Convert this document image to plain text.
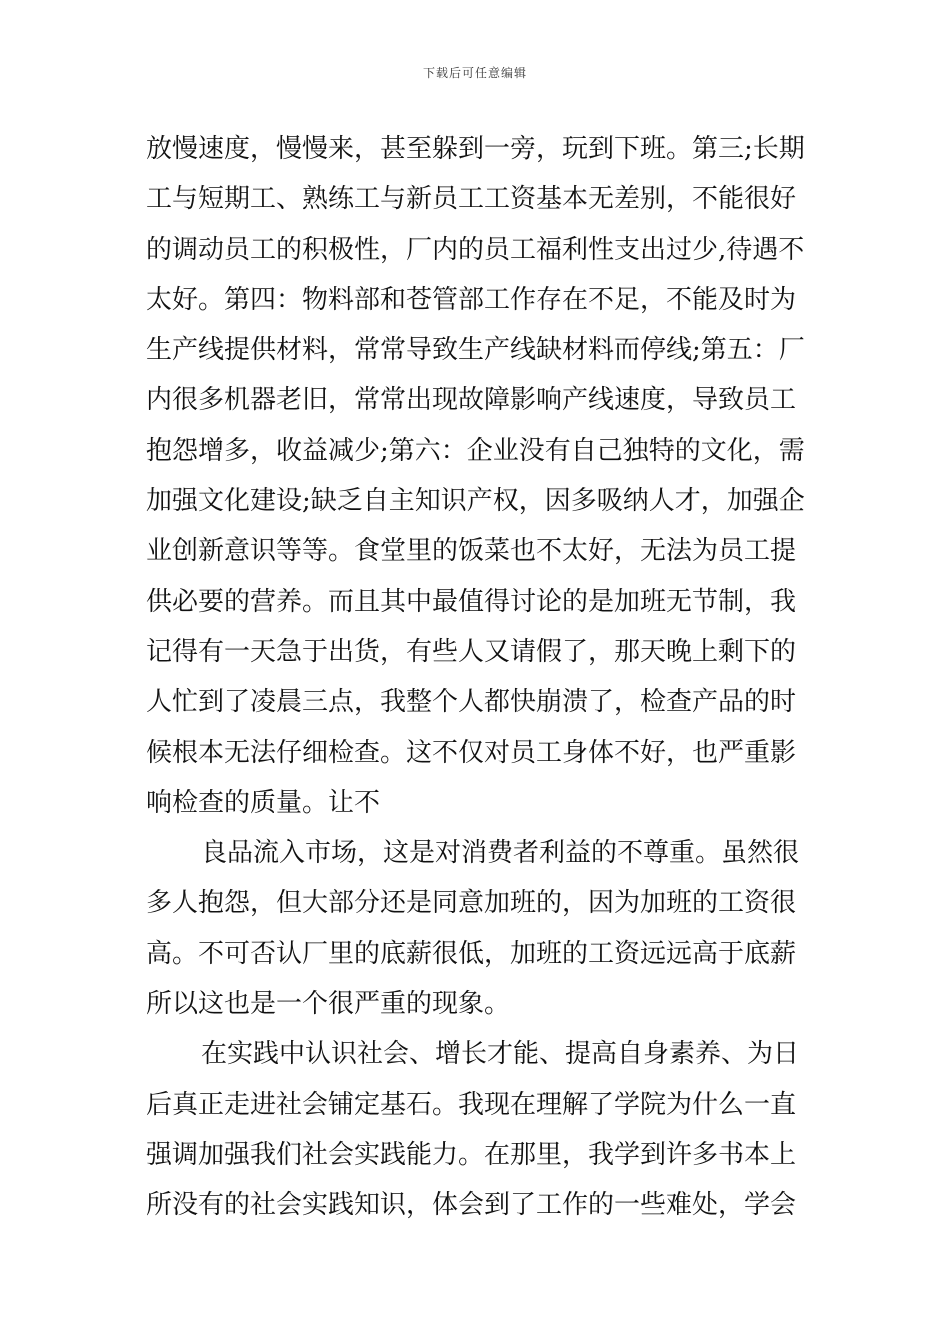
下载后可任意编辑
放慢速度，慢慢来，甚至躲到一旁，玩到下班。第三;长期
工与短期工、熟练工与新员工工资基本无差别，不能很好
的调动员工的积极性，厂内的员工福利性支出过少,待遇不
太好。第四：物料部和苍管部工作存在不足，不能及时为
生产线提供材料，常常导致生产线缺材料而停线;第五：厂
内很多机器老旧，常常出现故障影响产线速度，导致员工
抱怨增多，收益减少;第六：企业没有自己独特的文化，需
加强文化建设;缺乏自主知识产权，因多吸纳人才，加强企
业创新意识等等。食堂里的饭菜也不太好，无法为员工提
供必要的营养。而且其中最值得讨论的是加班无节制，我
记得有一天急于出货，有些人又请假了，那天晚上剩下的
人忙到了凌晨三点，我整个人都快崩溃了，检查产品的时
候根本无法仔细检查。这不仅对员工身体不好，也严重影
响检查的质量。让不
良品流入市场，这是对消费者利益的不尊重。虽然很
多人抱怨，但大部分还是同意加班的，因为加班的工资很
高。不可否认厂里的底薪很低，加班的工资远远高于底薪
所以这也是一个很严重的现象。
在实践中认识社会、增长才能、提高自身素养、为日
后真正走进社会铺定基石。我现在理解了学院为什么一直
强调加强我们社会实践能力。在那里，我学到许多书本上
所没有的社会实践知识，体会到了工作的一些难处，学会
